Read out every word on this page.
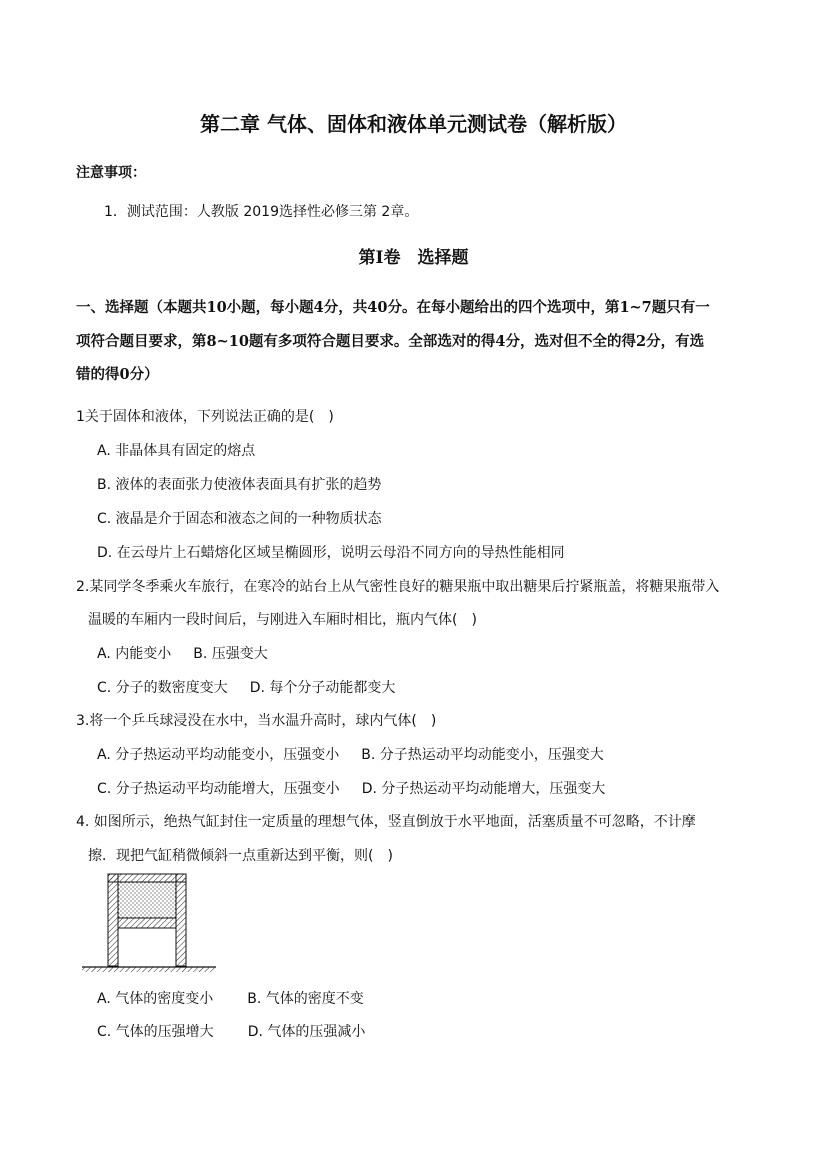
第二章 气体、固体和液体单元测试卷（解析版）
注意事项：
1．测试范围：人教版 2019选择性必修三第 2章。
第Ⅰ卷　选择题
一、选择题（本题共10小题，每小题4分，共40分。在每小题给出的四个选项中，第1~7题只有一
项符合题目要求，第8~10题有多项符合题目要求。全部选对的得4分，选对但不全的得2分，有选
错的得0分）
1关于固体和液体，下列说法正确的是(　)
A. 非晶体具有固定的熔点
B. 液体的表面张力使液体表面具有扩张的趋势
C. 液晶是介于固态和液态之间的一种物质状态
D. 在云母片上石蜡熔化区域呈椭圆形，说明云母沿不同方向的导热性能相同
2.某同学冬季乘火车旅行，在寒冷的站台上从气密性良好的糖果瓶中取出糖果后拧紧瓶盖，将糖果瓶带入
温暖的车厢内一段时间后，与刚进入车厢时相比，瓶内气体(　)
A. 内能变小 B. 压强变大
C. 分子的数密度变大 D. 每个分子动能都变大
3.将一个乒乓球浸没在水中，当水温升高时，球内气体(　)
A. 分子热运动平均动能变小，压强变小 B. 分子热运动平均动能变小，压强变大
C. 分子热运动平均动能增大，压强变小 D. 分子热运动平均动能增大，压强变大
4. 如图所示，绝热气缸封住一定质量的理想气体，竖直倒放于水平地面，活塞质量不可忽略，不计摩
擦．现把气缸稍微倾斜一点重新达到平衡，则(　)
A. 气体的密度变小 B. 气体的密度不变
C. 气体的压强增大 D. 气体的压强减小
